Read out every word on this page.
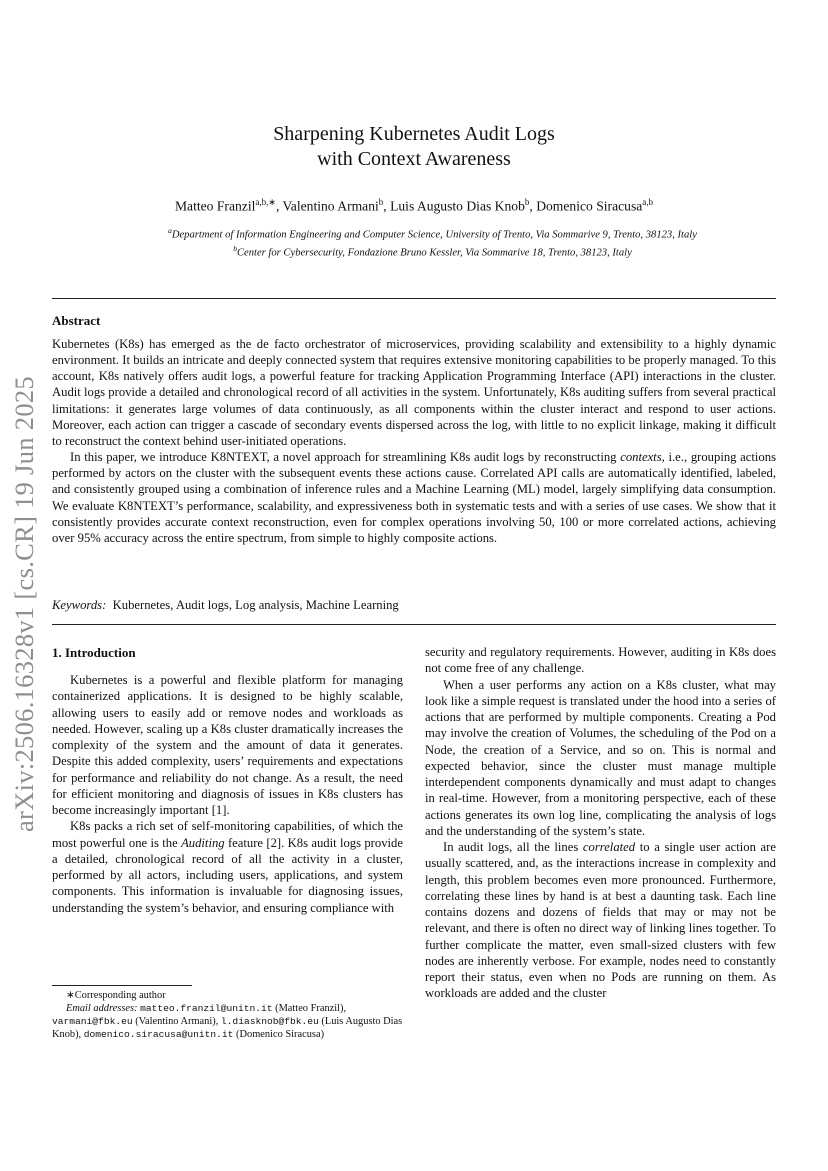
arXiv:2506.16328v1 [cs.CR] 19 Jun 2025
Sharpening Kubernetes Audit Logs
with Context Awareness
Matteo Franzil$^{a,b,∗}$, Valentino Armani$^b$, Luis Augusto Dias Knob$^b$, Domenico Siracusa$^{a,b}$
$^a$Department of Information Engineering and Computer Science, University of Trento, Via Sommarive 9, Trento, 38123, Italy
$^b$Center for Cybersecurity, Fondazione Bruno Kessler, Via Sommarive 18, Trento, 38123, Italy
Abstract

Kubernetes (K8s) has emerged as the de facto orchestrator of microservices, providing scalability and extensibility to a highly dynamic environment. It builds an intricate and deeply connected system that requires extensive monitoring capabilities to be properly managed. To this account, K8s natively offers audit logs, a powerful feature for tracking Application Programming Interface (API) interactions in the cluster. Audit logs provide a detailed and chronological record of all activities in the system. Unfortunately, K8s auditing suffers from several practical limitations: it generates large volumes of data continuously, as all components within the cluster interact and respond to user actions. Moreover, each action can trigger a cascade of secondary events dispersed across the log, with little to no explicit linkage, making it difficult to reconstruct the context behind user-initiated operations.

In this paper, we introduce K8NTEXT, a novel approach for streamlining K8s audit logs by reconstructing contexts, i.e., grouping actions performed by actors on the cluster with the subsequent events these actions cause. Correlated API calls are automatically identified, labeled, and consistently grouped using a combination of inference rules and a Machine Learning (ML) model, largely simplifying data consumption. We evaluate K8NTEXT’s performance, scalability, and expressiveness both in systematic tests and with a series of use cases. We show that it consistently provides accurate context reconstruction, even for complex operations involving 50, 100 or more correlated actions, achieving over 95% accuracy across the entire spectrum, from simple to highly composite actions.

Keywords: Kubernetes, Audit logs, Log analysis, Machine Learning
1. Introduction

Kubernetes is a powerful and flexible platform for managing containerized applications. It is designed to be highly scalable, allowing users to easily add or remove nodes and workloads as needed. However, scaling up a K8s cluster dramatically increases the complexity of the system and the amount of data it generates. Despite this added complexity, users’ requirements and expectations for performance and reliability do not change. As a result, the need for efficient monitoring and diagnosis of issues in K8s clusters has become increasingly important [1].

K8s packs a rich set of self-monitoring capabilities, of which the most powerful one is the Auditing feature [2]. K8s audit logs provide a detailed, chronological record of all the activity in a cluster, performed by all actors, including users, applications, and system components. This information is invaluable for diagnosing issues, understanding the system’s behavior, and ensuring compliance with

security and regulatory requirements. However, auditing in K8s does not come free of any challenge.

When a user performs any action on a K8s cluster, what may look like a simple request is translated under the hood into a series of actions that are performed by multiple components. Creating a Pod may involve the creation of Volumes, the scheduling of the Pod on a Node, the creation of a Service, and so on. This is normal and expected behavior, since the cluster must manage multiple interdependent components dynamically and must adapt to changes in real-time. However, from a monitoring perspective, each of these actions generates its own log line, complicating the analysis of logs and the understanding of the system’s state.

In audit logs, all the lines correlated to a single user action are usually scattered, and, as the interactions increase in complexity and length, this problem becomes even more pronounced. Furthermore, correlating these lines by hand is at best a daunting task. Each line contains dozens and dozens of fields that may or may not be relevant, and there is often no direct way of linking lines together. To further complicate the matter, even small-sized clusters with few nodes are inherently verbose. For example, nodes need to constantly report their status, even when no Pods are running on them. As workloads are added and the cluster

∗Corresponding author

Email addresses: matteo.franzil@unitn.it (Matteo Franzil), varmani@fbk.eu (Valentino Armani), l.diasknob@fbk.eu (Luis Augusto Dias Knob), domenico.siracusa@unitn.it (Domenico Siracusa)
